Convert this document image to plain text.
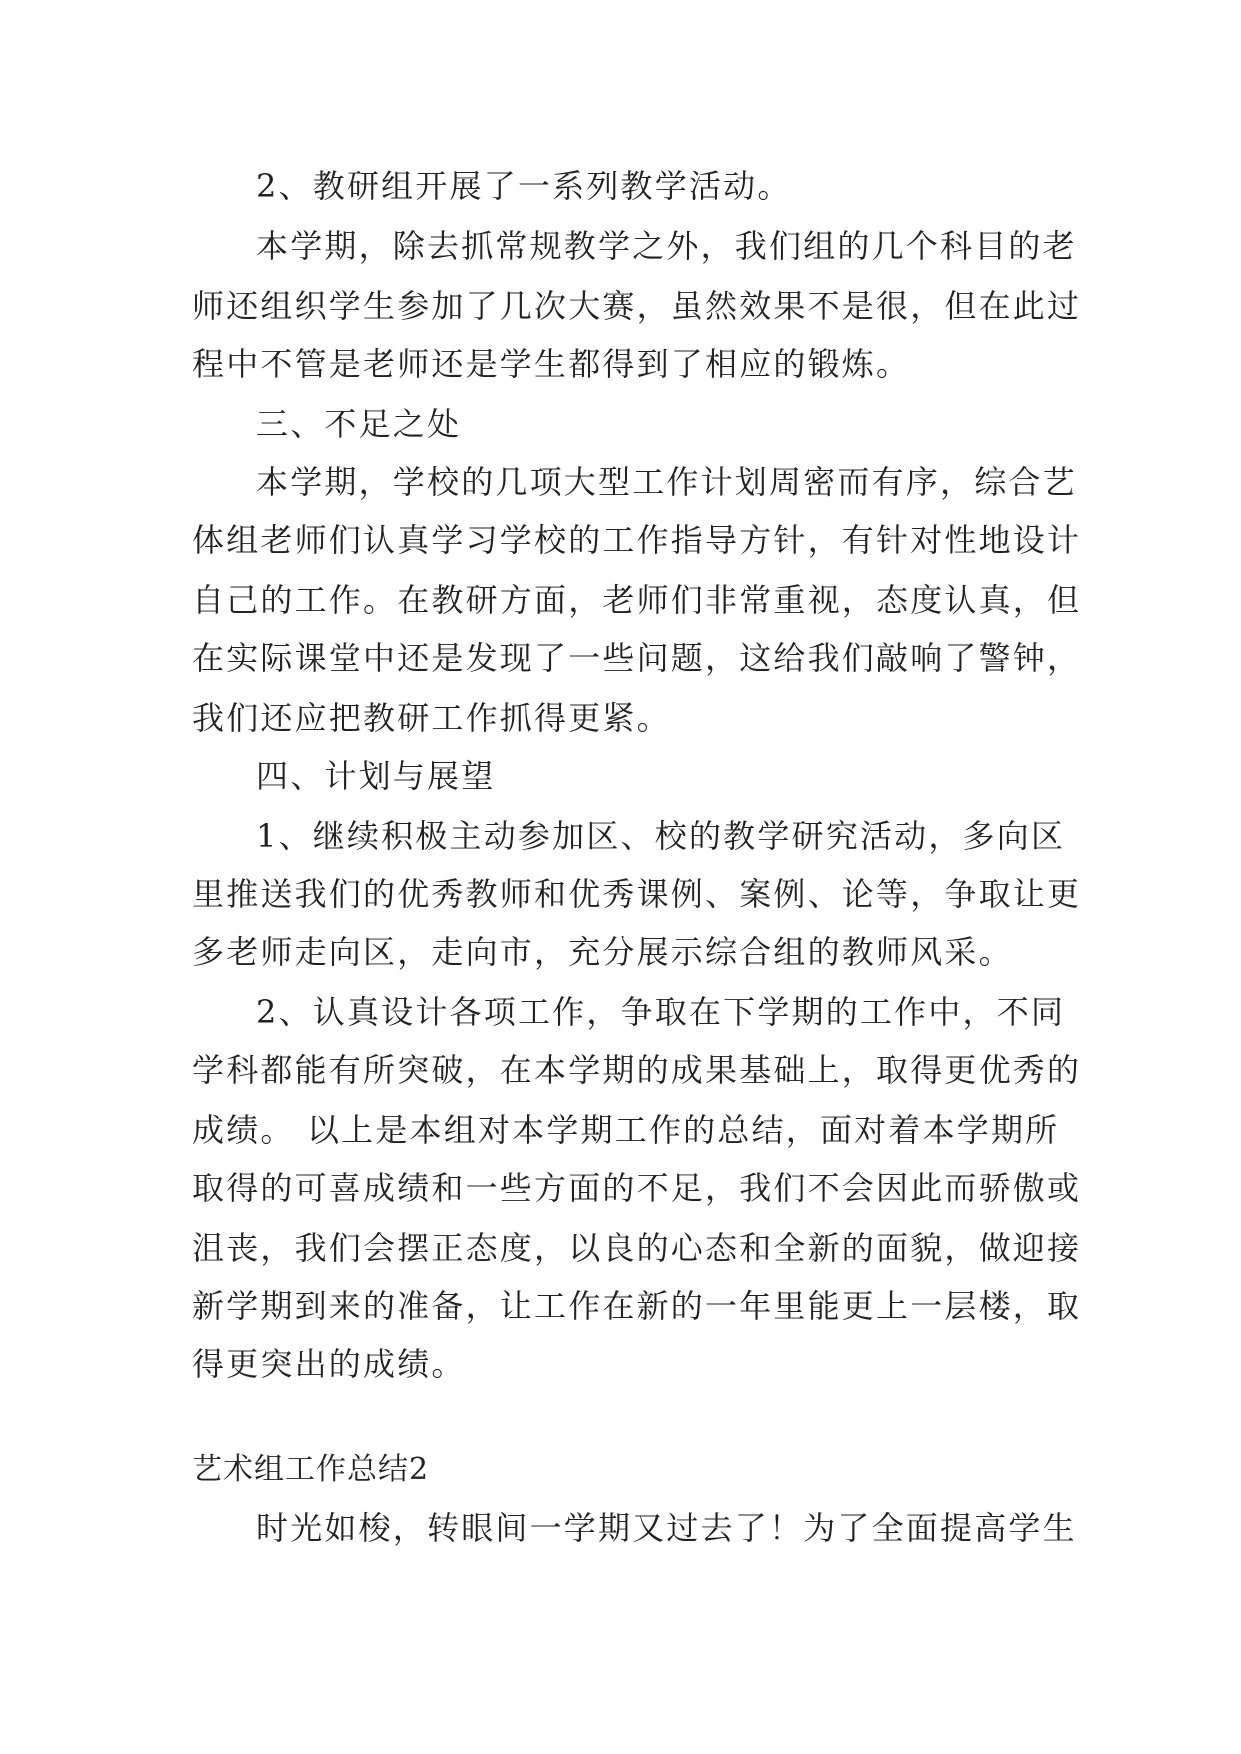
2、教研组开展了一系列教学活动。
本学期，除去抓常规教学之外，我们组的几个科目的老
师还组织学生参加了几次大赛，虽然效果不是很，但在此过
程中不管是老师还是学生都得到了相应的锻炼。
三、不足之处
本学期，学校的几项大型工作计划周密而有序，综合艺
体组老师们认真学习学校的工作指导方针，有针对性地设计
自己的工作。在教研方面，老师们非常重视，态度认真，但
在实际课堂中还是发现了一些问题，这给我们敲响了警钟，
我们还应把教研工作抓得更紧。
四、计划与展望
1、继续积极主动参加区、校的教学研究活动，多向区
里推送我们的优秀教师和优秀课例、案例、论等，争取让更
多老师走向区，走向市，充分展示综合组的教师风采。
2、认真设计各项工作，争取在下学期的工作中，不同
学科都能有所突破，在本学期的成果基础上，取得更优秀的
成绩。 以上是本组对本学期工作的总结，面对着本学期所
取得的可喜成绩和一些方面的不足，我们不会因此而骄傲或
沮丧，我们会摆正态度，以良的心态和全新的面貌，做迎接
新学期到来的准备，让工作在新的一年里能更上一层楼，取
得更突出的成绩。
艺术组工作总结2
时光如梭，转眼间一学期又过去了！为了全面提高学生
